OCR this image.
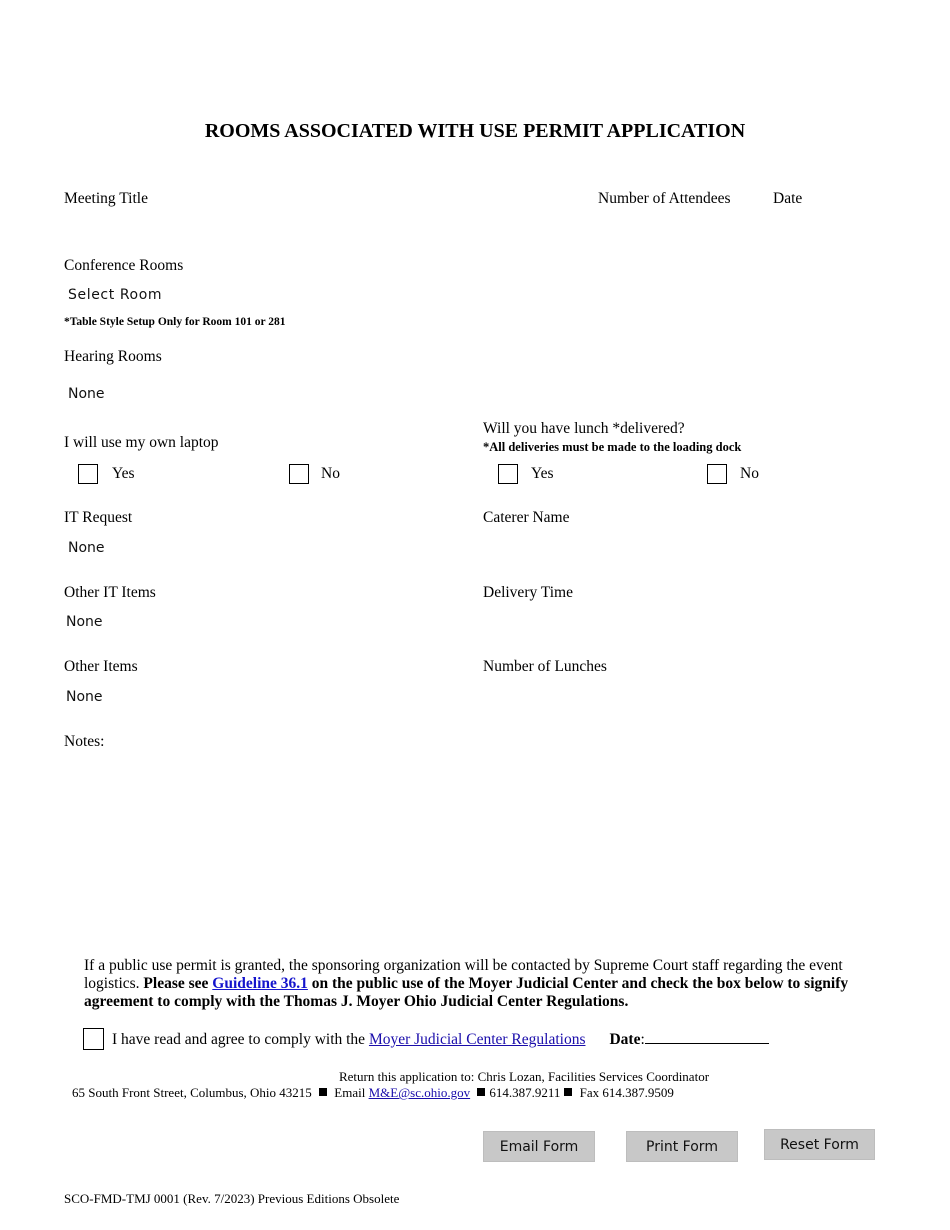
ROOMS ASSOCIATED WITH USE PERMIT APPLICATION
Meeting Title	Number of Attendees	Date
Conference Rooms
Select Room
*Table Style Setup Only for Room 101 or 281
Hearing Rooms
None
I will use my own laptop
Yes	No
Will you have lunch *delivered?
*All deliveries must be made to the loading dock
Yes	No
IT Request
None
Caterer Name
Other IT Items
None
Delivery Time
Other Items
None
Number of Lunches
Notes:
If a public use permit is granted, the sponsoring organization will be contacted by Supreme Court staff regarding the event logistics. Please see Guideline 36.1 on the public use of the Moyer Judicial Center and check the box below to signify agreement to comply with the Thomas J. Moyer Ohio Judicial Center Regulations.
I have read and agree to comply with the Moyer Judicial Center Regulations Date:
Return this application to: Chris Lozan, Facilities Services Coordinator
65 South Front Street, Columbus, Ohio 43215 Email M&E@sc.ohio.gov 614.387.9211 Fax 614.387.9509
Email Form	Print Form	Reset Form
SCO-FMD-TMJ 0001 (Rev. 7/2023) Previous Editions Obsolete
